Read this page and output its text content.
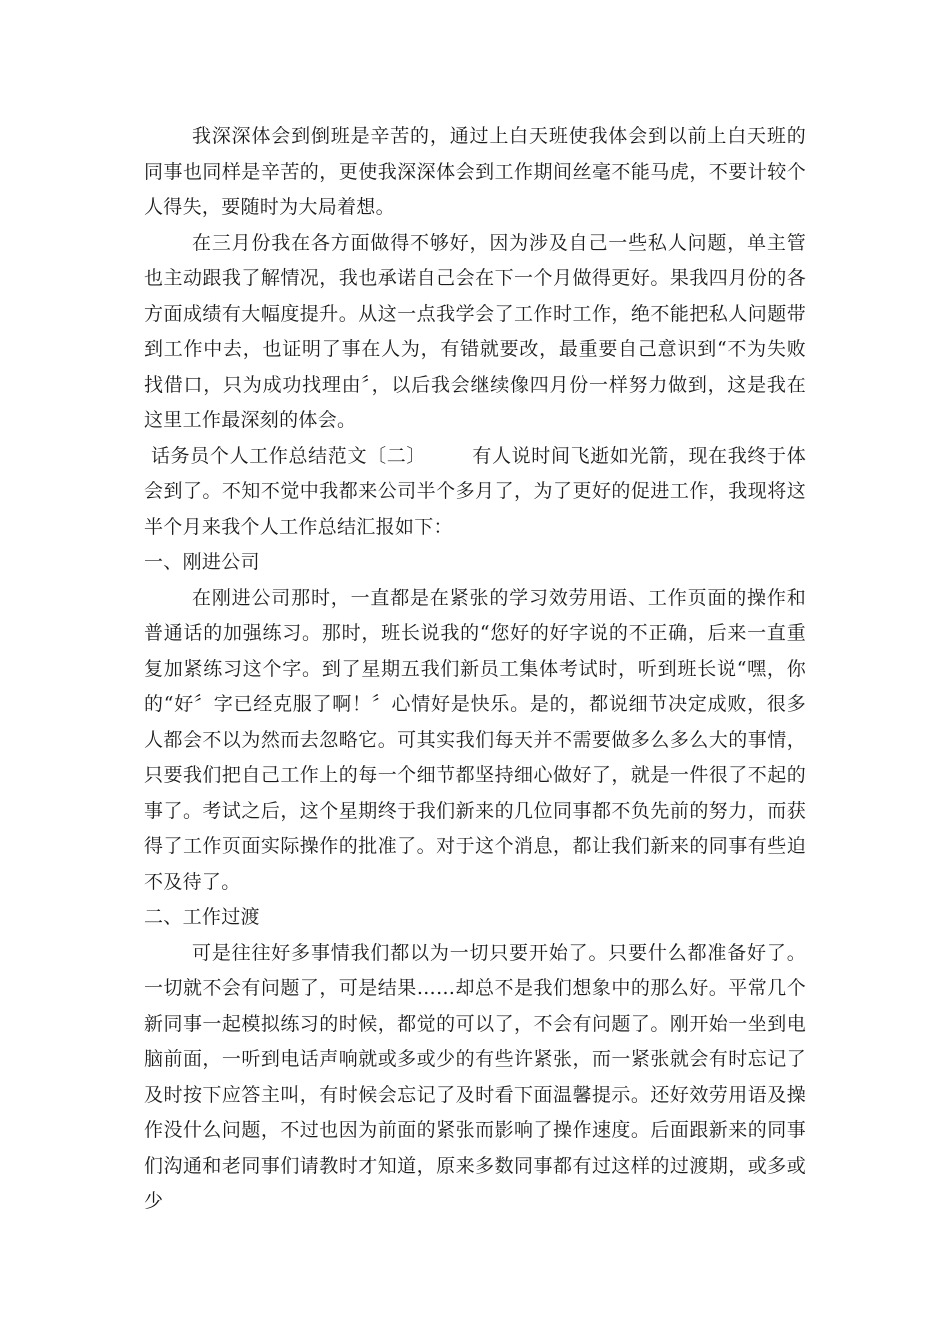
我深深体会到倒班是辛苦的，通过上白天班使我体会到以前上白天班的同事也同样是辛苦的，更使我深深体会到工作期间丝毫不能马虎，不要计较个人得失，要随时为大局着想。

在三月份我在各方面做得不够好，因为涉及自己一些私人问题，单主管也主动跟我了解情况，我也承诺自己会在下一个月做得更好。果我四月份的各方面成绩有大幅度提升。从这一点我学会了工作时工作，绝不能把私人问题带到工作中去，也证明了事在人为，有错就要改，最重要自己意识到“不为失败找借口，只为成功找理由〞，以后我会继续像四月份一样努力做到，这是我在这里工作最深刻的体会。

话务员个人工作总结范文〔二〕 有人说时间飞逝如光箭，现在我终于体会到了。不知不觉中我都来公司半个多月了，为了更好的促进工作，我现将这半个月来我个人工作总结汇报如下：

一、刚进公司

在刚进公司那时，一直都是在紧张的学习效劳用语、工作页面的操作和普通话的加强练习。那时，班长说我的“您好的好字说的不正确，后来一直重复加紧练习这个字。到了星期五我们新员工集体考试时，听到班长说“嘿，你的“好〞字已经克服了啊！〞心情好是快乐。是的，都说细节决定成败，很多人都会不以为然而去忽略它。可其实我们每天并不需要做多么多么大的事情，只要我们把自己工作上的每一个细节都坚持细心做好了，就是一件很了不起的事了。考试之后，这个星期终于我们新来的几位同事都不负先前的努力，而获得了工作页面实际操作的批准了。对于这个消息，都让我们新来的同事有些迫不及待了。

二、工作过渡

可是往往好多事情我们都以为一切只要开始了。只要什么都准备好了。一切就不会有问题了，可是结果……却总不是我们想象中的那么好。平常几个新同事一起模拟练习的时候，都觉的可以了，不会有问题了。刚开始一坐到电脑前面，一听到电话声响就或多或少的有些许紧张，而一紧张就会有时忘记了及时按下应答主叫，有时候会忘记了及时看下面温馨提示。还好效劳用语及操作没什么问题，不过也因为前面的紧张而影响了操作速度。后面跟新来的同事们沟通和老同事们请教时才知道，原来多数同事都有过这样的过渡期，或多或少
